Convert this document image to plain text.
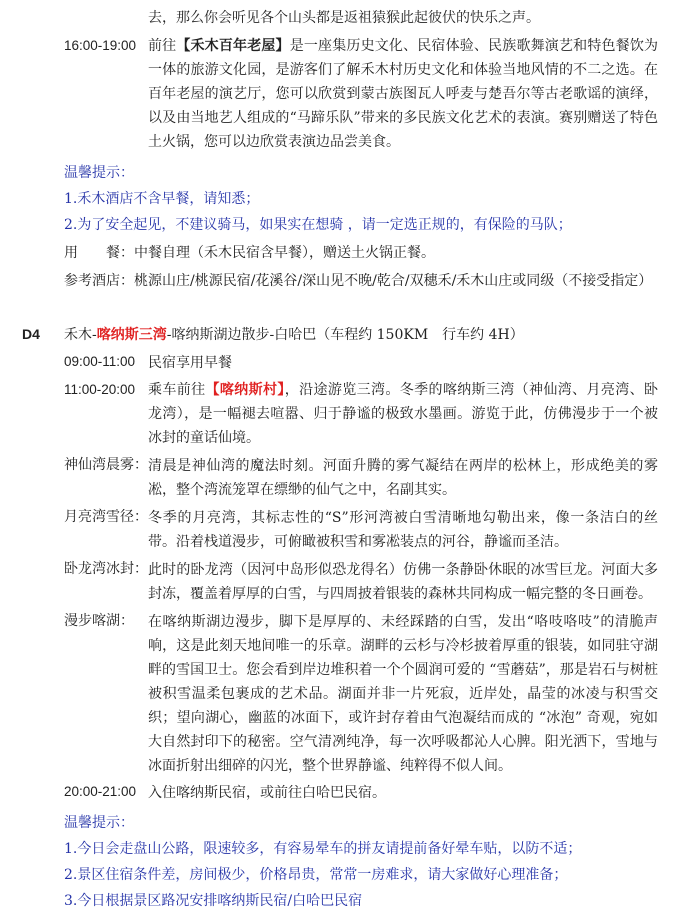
去，那么你会听见各个山头都是返祖猿猴此起彼伏的快乐之声。
16:00-19:00 前往【禾木百年老屋】是一座集历史文化、民宿体验、民族歌舞演艺和特色餐饮为一体的旅游文化园，是游客们了解禾木村历史文化和体验当地风情的不二之选。在百年老屋的演艺厅，您可以欣赏到蒙古族图瓦人呼麦与楚吾尔等古老歌谣的演绎，以及由当地艺人组成的“马蹄乐队”带来的多民族文化艺术的表演。赛别赠送了特色土火锅，您可以边欣赏表演边品尝美食。
温馨提示：
1.禾木酒店不含早餐，请知悉；
2.为了安全起见，不建议骑马，如果实在想骑 ，请一定选正规的，有保险的马队；
用　　餐： 中餐自理（禾木民宿含早餐），赠送土火锅正餐。
参考酒店： 桃源山庄/桃源民宿/花溪谷/深山见不晚/乾合/双穗禾/禾木山庄或同级（不接受指定）
D4 禾木-喀纳斯三湾-喀纳斯湖边散步-白哈巴（车程约 150KM　行车约 4H）
09:00-11:00 民宿享用早餐
11:00-20:00 乘车前往【喀纳斯村】，沿途游览三湾。冬季的喀纳斯三湾（神仙湾、月亮湾、卧龙湾），是一幅褪去喧嚣、归于静谧的极致水墨画。游览于此，仿佛漫步于一个被冰封的童话仙境。
神仙湾晨雾： 清晨是神仙湾的魔法时刻。河面升腾的雾气凝结在两岸的松林上，形成绝美的雾凇，整个湾流笼罩在缥缈的仙气之中，名副其实。
月亮湾雪径： 冬季的月亮湾，其标志性的“S”形河湾被白雪清晰地勾勒出来，像一条洁白的丝带。沿着栈道漫步，可俯瞰被积雪和雾凇装点的河谷，静谧而圣洁。
卧龙湾冰封： 此时的卧龙湾（因河中岛形似恐龙得名）仿佛一条静卧休眠的冰雪巨龙。河面大多封冻，覆盖着厚厚的白雪，与四周披着银装的森林共同构成一幅完整的冬日画卷。
漫步喀湖： 在喀纳斯湖边漫步，脚下是厚厚的、未经踩踏的白雪，发出“咯吱咯吱”的清脆声响，这是此刻天地间唯一的乐章。湖畔的云杉与冷杉披着厚重的银装，如同驻守湖畔的雪国卫士。您会看到岸边堆积着一个个圆润可爱的 “雪蘑菇”，那是岩石与树桩被积雪温柔包裹成的艺术品。湖面并非一片死寂，近岸处，晶莹的冰凌与积雪交织；望向湖心，幽蓝的冰面下，或许封存着由气泡凝结而成的 “冰泡” 奇观，宛如大自然封印下的秘密。空气清冽纯净，每一次呼吸都沁人心脾。阳光洒下，雪地与冰面折射出细碎的闪光，整个世界静谧、纯粹得不似人间。
20:00-21:00 入住喀纳斯民宿，或前往白哈巴民宿。
温馨提示：
1.今日会走盘山公路，限速较多，有容易晕车的拼友请提前备好晕车贴，以防不适；
2.景区住宿条件差，房间极少，价格昂贵，常常一房难求，请大家做好心理准备；
3.今日根据景区路况安排喀纳斯民宿/白哈巴民宿
